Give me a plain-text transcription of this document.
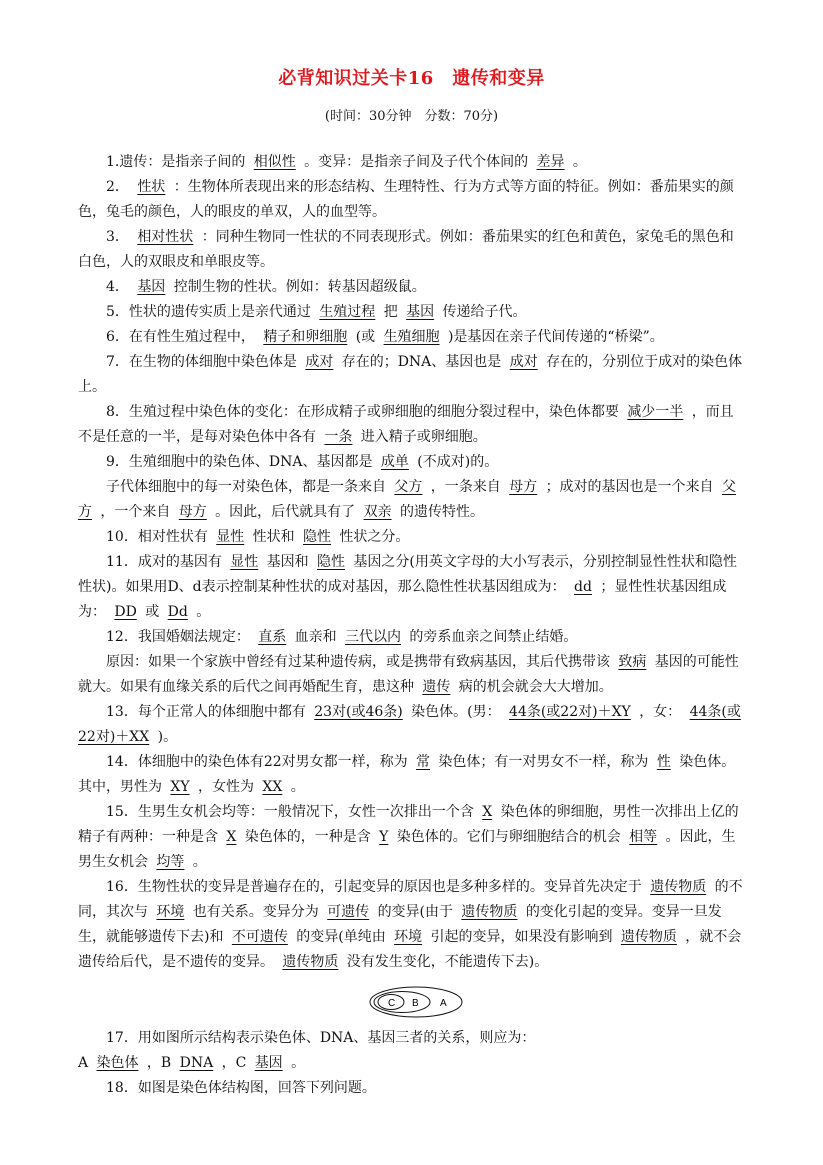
必背知识过关卡16　遗传和变异
(时间：30分钟　分数：70分)

1.遗传：是指亲子间的 相似性 。变异：是指亲子间及子代个体间的 差异 。

2． 性状 ：生物体所表现出来的形态结构、生理特性、行为方式等方面的特征。例如：番茄果实的颜色，兔毛的颜色，人的眼皮的单双，人的血型等。

3． 相对性状 ：同种生物同一性状的不同表现形式。例如：番茄果实的红色和黄色，家兔毛的黑色和白色，人的双眼皮和单眼皮等。

4． 基因 控制生物的性状。例如：转基因超级鼠。

5．性状的遗传实质上是亲代通过 生殖过程 把 基因 传递给子代。

6．在有性生殖过程中， 精子和卵细胞 (或 生殖细胞 )是基因在亲子代间传递的“桥梁”。

7．在生物的体细胞中染色体是 成对 存在的；DNA、基因也是 成对 存在的，分别位于成对的染色体上。

8．生殖过程中染色体的变化：在形成精子或卵细胞的细胞分裂过程中，染色体都要 减少一半 ，而且不是任意的一半，是每对染色体中各有 一条 进入精子或卵细胞。

9．生殖细胞中的染色体、DNA、基因都是 成单 (不成对)的。

子代体细胞中的每一对染色体，都是一条来自 父方 ，一条来自 母方 ；成对的基因也是一个来自 父方 ，一个来自 母方 。因此，后代就具有了 双亲 的遗传特性。

10．相对性状有 显性 性状和 隐性 性状之分。

11．成对的基因有 显性 基因和 隐性 基因之分(用英文字母的大小写表示，分别控制显性性状和隐性性状)。如果用D、d表示控制某种性状的成对基因，那么隐性性状基因组成为： dd ；显性性状基因组成为： DD 或 Dd 。

12．我国婚姻法规定： 直系 血亲和 三代以内 的旁系血亲之间禁止结婚。

原因：如果一个家族中曾经有过某种遗传病，或是携带有致病基因，其后代携带该 致病 基因的可能性就大。如果有血缘关系的后代之间再婚配生育，患这种 遗传 病的机会就会大大增加。

13．每个正常人的体细胞中都有 23对(或46条) 染色体。(男： 44条(或22对)＋XY ，女： 44条(或22对)＋XX )。

14．体细胞中的染色体有22对男女都一样，称为 常 染色体；有一对男女不一样，称为 性 染色体。其中，男性为 XY ，女性为 XX 。

15．生男生女机会均等：一般情况下，女性一次排出一个含 X 染色体的卵细胞，男性一次排出上亿的精子有两种：一种是含 X 染色体的，一种是含 Y 染色体的。它们与卵细胞结合的机会 相等 。因此，生男生女机会 均等 。

16．生物性状的变异是普遍存在的，引起变异的原因也是多种多样的。变异首先决定于 遗传物质 的不同，其次与 环境 也有关系。变异分为 可遗传 的变异(由于 遗传物质 的变化引起的变异。变异一旦发生，就能够遗传下去)和 不可遗传 的变异(单纯由 环境 引起的变异，如果没有影响到 遗传物质 ，就不会遗传给后代，是不遗传的变异。 遗传物质 没有发生变化，不能遗传下去)。

C B A

17．用如图所示结构表示染色体、DNA、基因三者的关系，则应为：

A 染色体 ，B DNA ，C 基因 。

18．如图是染色体结构图，回答下列问题。
